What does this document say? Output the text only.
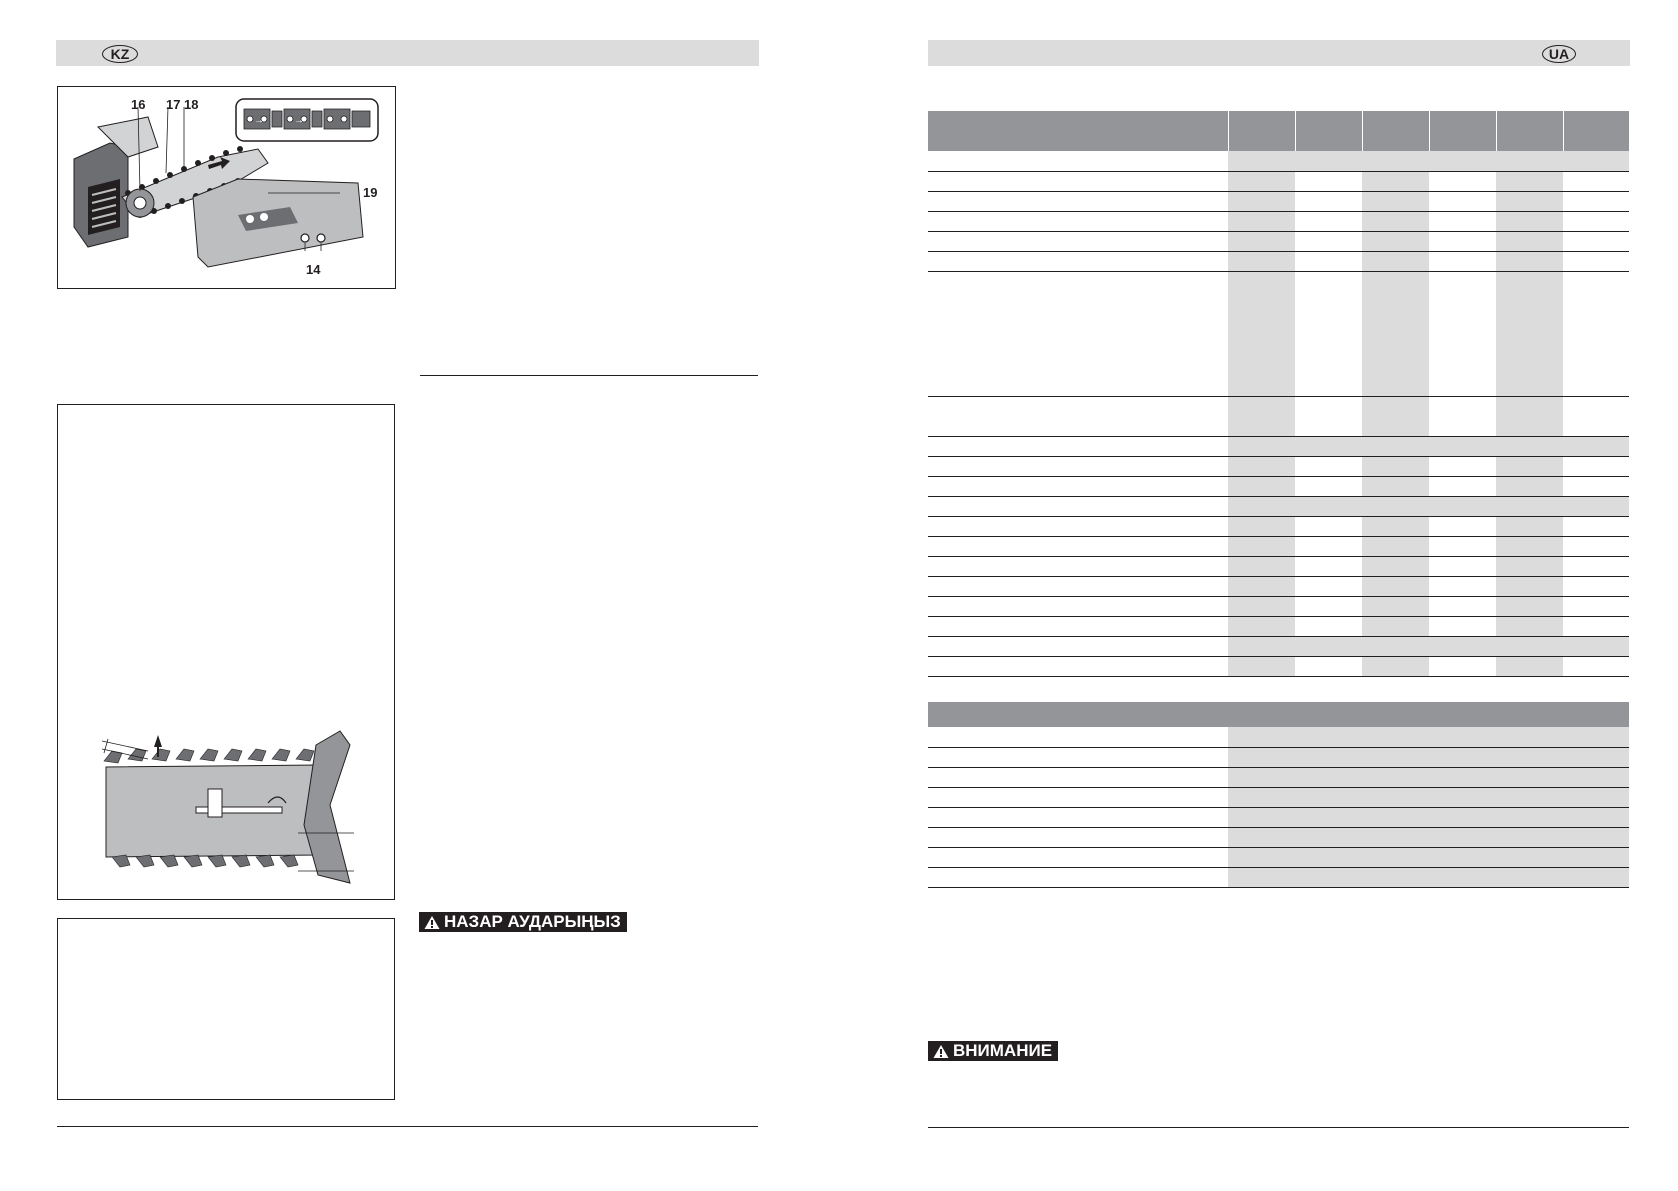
KZ
→	→
16 17 18
19
14
НАЗАР АУДАРЫҢЫЗ
UA

ВНИМАНИЕ
